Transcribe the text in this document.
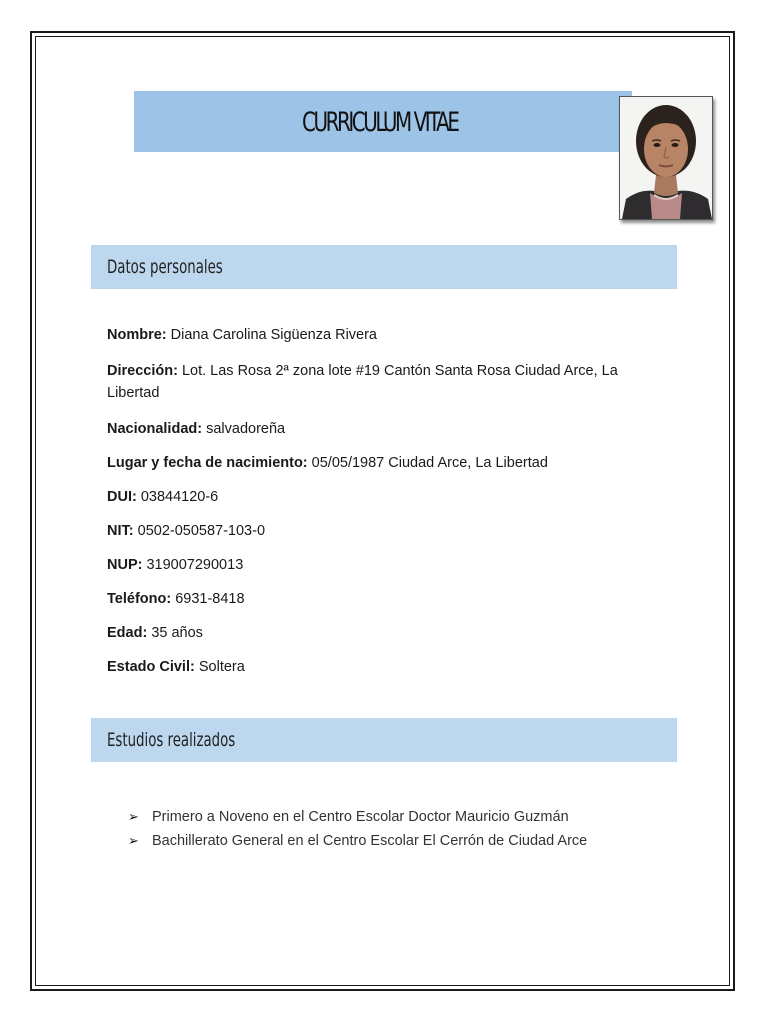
CURRICULUM VITAE
Datos personales
Nombre: Diana Carolina Sigüenza Rivera
Dirección: Lot. Las Rosa 2ª zona lote #19 Cantón Santa Rosa Ciudad Arce, La Libertad
Nacionalidad: salvadoreña
Lugar y fecha de nacimiento: 05/05/1987 Ciudad Arce, La Libertad
DUI: 03844120-6
NIT: 0502-050587-103-0
NUP: 319007290013
Teléfono: 6931-8418
Edad: 35 años
Estado Civil: Soltera
Estudios realizados
➢ Primero a Noveno en el Centro Escolar Doctor Mauricio Guzmán
➢ Bachillerato General en el Centro Escolar El Cerrón de Ciudad Arce
